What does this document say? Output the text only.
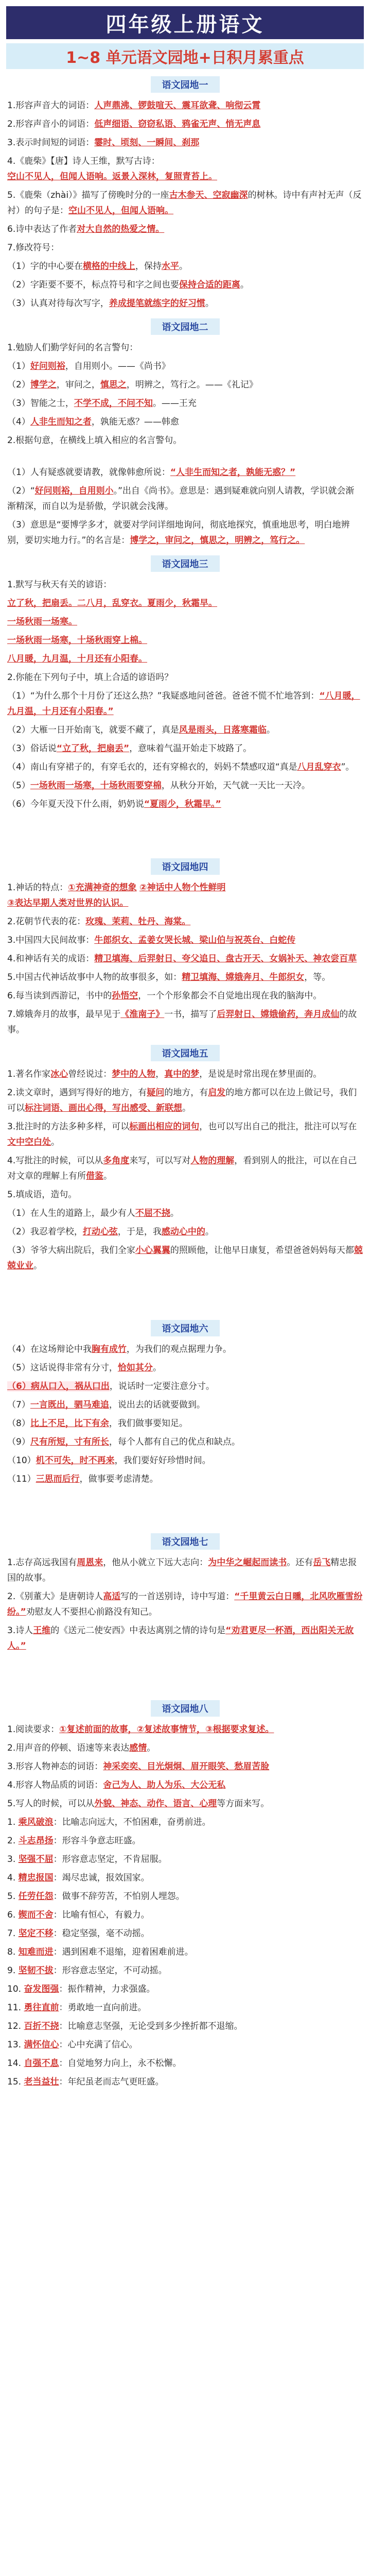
四年级上册语文
1~8 单元语文园地+日积月累重点
语文园地一
1.形容声音大的词语：人声鼎沸、锣鼓喧天、震耳欲聋、响彻云霄
2.形容声音小的词语：低声细语、窃窃私语、鸦雀无声、悄无声息
3.表示时间短的词语：霎时、顷刻、一瞬间、刹那
4.《鹿柴》【唐】诗人王维，默写古诗：
空山不见人，但闻人语响。返景入深林，复照青苔上。
5.《鹿柴（zhài）》描写了傍晚时分的一座古木参天、空寂幽深的树林。诗中有声衬无声（反衬）的句子是：空山不见人，但闻人语响。
6.诗中表达了作者对大自然的热爱之情。
7.修改符号：
（1）字的中心要在横格的中线上，保持水平。
（2）字距要不要不，标点符号和字之间也要保持合适的距离。
（3）认真对待每次写字，养成提笔就练字的好习惯。
语文园地二
1.勉励人们勤学好问的名言警句：
（1）好问则裕，自用则小。——《尚书》
（2）博学之，审问之，慎思之，明辨之，笃行之。——《礼记》
（3）智能之士，不学不成，不问不知。——王充
（4）人非生而知之者，孰能无惑？——韩愈
2.根据句意，在横线上填入相应的名言警句。
（1）人有疑惑就要请教，就像韩愈所说：“人非生而知之者，孰能无惑？”
（2）“好问则裕，自用则小。”出自《尚书》。意思是：遇到疑难就向别人请教，学识就会渐渐精深，而自以为是骄傲，学识就会浅薄。
（3）意思是“要博学多才，就要对学问详细地询问，彻底地探究，慎重地思考，明白地辨别，要切实地力行。”的名言是：博学之，审问之，慎思之，明辨之，笃行之。
语文园地三
1.默写与秋天有关的谚语：
立了秋，把扇丢。二八月，乱穿衣。夏雨少，秋霜早。
一场秋雨一场寒。
一场秋雨一场寒，十场秋雨穿上棉。
八月暖，九月温，十月还有小阳春。
2.你能在下列句子中，填上合适的谚语吗？
（1）“为什么那个十月份了还这么热？”我疑惑地问爸爸。爸爸不慌不忙地答到：“八月暖，九月温，十月还有小阳春。”
（2）大雁一日开始南飞，就要不藏了，真是风是雨头，日落寒霜临。
（3）俗话说“立了秋，把扇丢”，意味着气温开始走下坡路了。
（4）南山有穿裙子的，有穿毛衣的，还有穿棉衣的，妈妈不禁感叹道“真是八月乱穿衣”。
（5）一场秋雨一场寒，十场秋雨要穿棉，从秋分开始，天气就一天比一天冷。
（6）今年夏天没下什么雨，奶奶说“夏雨少，秋霜早。”
语文园地四
1.神话的特点：①充满神奇的想象 ②神话中人物个性鲜明
③表达早期人类对世界的认识。
2.花朝节代表的花：玫瑰、茉莉、牡丹、海棠。
3.中国四大民间故事：牛郎织女、孟姜女哭长城、梁山伯与祝英台、白蛇传
4.和神话有关的成语：精卫填海、后羿射日、夸父追日、盘古开天、女娲补天、神农尝百草
5.中国古代神话故事中人物的故事很多，如：精卫填海、嫦娥奔月、牛郎织女，等。
6.每当读到西游记，书中的孙悟空，一个个形象都会不自觉地出现在我的脑海中。
7.嫦娥奔月的故事，最早见于《淮南子》一书，描写了后羿射日、嫦娥偷药，奔月成仙的故事。
语文园地五
1.著名作家冰心曾经说过：梦中的人物，真中的梦，是说是时常出现在梦里面的。
2.读文章时，遇到写得好的地方，有疑问的地方，有启发的地方都可以在边上做记号，我们可以标注词语、画出心得，写出感受、新联想。
3.批注时的方法多种多样，可以标画出相应的词句，也可以写出自己的批注，批注可以写在文中空白处。
4.写批注的时候，可以从多角度来写，可以写对人物的理解，看到别人的批注，可以在自己对文章的理解上有所借鉴。
5.填成语，造句。
（1）在人生的道路上，最少有人不屈不挠。
（2）我忍着学校，打动心弦，于是，我感动心中的。
（3）爷爷大病出院后，我们全家小心翼翼的照顾他，让他早日康复，希望爸爸妈妈每天都兢兢业业。
语文园地六
（4）在这场辩论中我胸有成竹，为我们的观点据理力争。
（5）这话说得非常有分寸，恰如其分。
（6）病从口入，祸从口出，说话时一定要注意分寸。
（7）一言既出，驷马难追，说出去的话就要做到。
（8）比上不足，比下有余，我们做事要知足。
（9）尺有所短，寸有所长，每个人都有自己的优点和缺点。
（10）机不可失，时不再来，我们要好好珍惜时间。
（11）三思而后行，做事要考虑清楚。
语文园地七
1.志存高远我国有周恩来，他从小就立下远大志向：为中华之崛起而读书。还有岳飞精忠报国的故事。
2.《别董大》是唐朝诗人高适写的一首送别诗，诗中写道：“千里黄云白日曛，北风吹雁雪纷纷。”劝慰友人不要担心前路没有知己。
3.诗人王维的《送元二使安西》中表达离别之情的诗句是“劝君更尽一杯酒，西出阳关无故人。”
语文园地八
1.阅读要求：①复述前面的故事，②复述故事情节，③根据要求复述。
2.用声音的停顿、语速等来表达感情。
3.形容人物神态的词语：神采奕奕、目光炯炯、眉开眼笑、愁眉苦脸
4.形容人物品质的词语：舍己为人、助人为乐、大公无私
5.写人的时候，可以从外貌、神态、动作、语言、心理等方面来写。
1. 乘风破浪：比喻志向远大，不怕困难，奋勇前进。
2. 斗志昂扬：形容斗争意志旺盛。
3. 坚强不屈：形容意志坚定，不肯屈服。
4. 精忠报国：竭尽忠诚，报效国家。
5. 任劳任怨：做事不辞劳苦，不怕别人埋怨。
6. 锲而不舍：比喻有恒心，有毅力。
7. 坚定不移：稳定坚强，毫不动摇。
8. 知难而进：遇到困难不退缩，迎着困难前进。
9. 坚韧不拔：形容意志坚定，不可动摇。
10. 奋发图强：振作精神，力求强盛。
11. 勇往直前：勇敢地一直向前进。
12. 百折不挠：比喻意志坚强，无论受到多少挫折都不退缩。
13. 满怀信心：心中充满了信心。
14. 自强不息：自觉地努力向上，永不松懈。
15. 老当益壮：年纪虽老而志气更旺盛。
